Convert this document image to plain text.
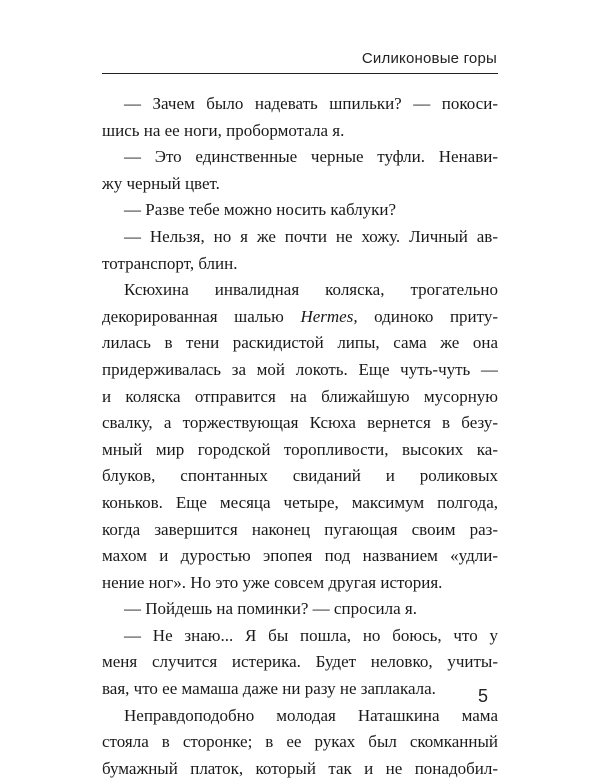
Силиконовые горы
— Зачем было надевать шпильки? — покоси-
шись на ее ноги, пробормотала я.
— Это единственные черные туфли. Ненави-
жу черный цвет.
— Разве тебе можно носить каблуки?
— Нельзя, но я же почти не хожу. Личный ав-
тотранспорт, блин.
Ксюхина инвалидная коляска, трогательно
декорированная шалью Hermes, одиноко приту-
лилась в тени раскидистой липы, сама же она
придерживалась за мой локоть. Еще чуть-чуть —
и коляска отправится на ближайшую мусорную
свалку, а торжествующая Ксюха вернется в безу-
мный мир городской торопливости, высоких ка-
блуков, спонтанных свиданий и роликовых
коньков. Еще месяца четыре, максимум полгода,
когда завершится наконец пугающая своим раз-
махом и дуростью эпопея под названием «удли-
нение ног». Но это уже совсем другая история.
— Пойдешь на поминки? — спросила я.
— Не знаю... Я бы пошла, но боюсь, что у
меня случится истерика. Будет неловко, учиты-
вая, что ее мамаша даже ни разу не заплакала.
Неправдоподобно молодая Наташкина мама
стояла в сторонке; в ее руках был скомканный
бумажный платок, который так и не понадобил-
5
